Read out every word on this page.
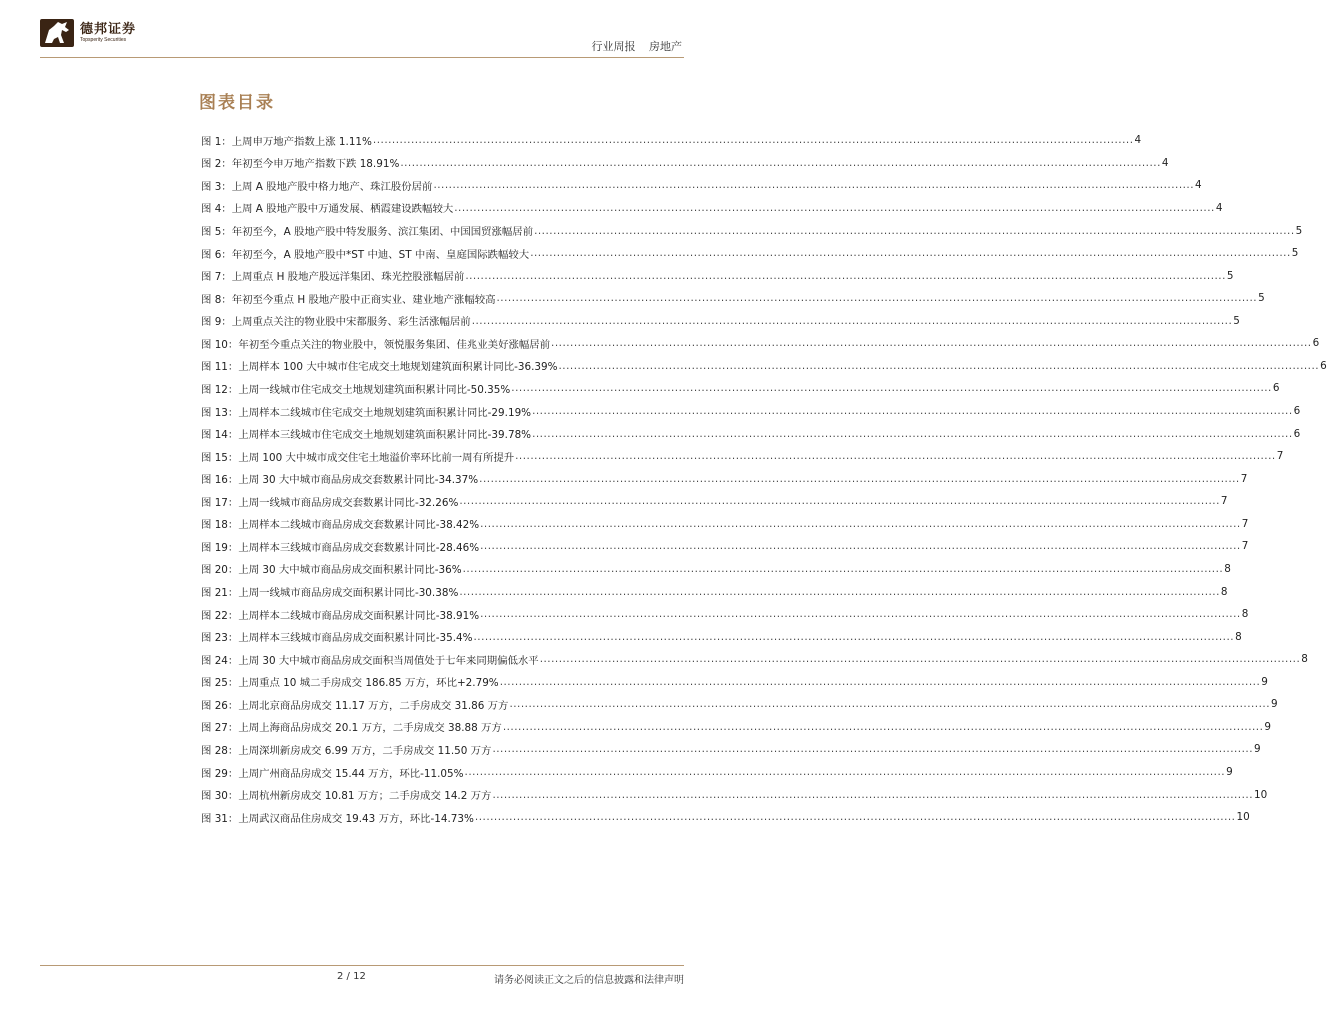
德邦证券
Topsperity Securities	行业周报 房地产
图表目录
图 1： 上周申万地产指数上涨 1.11% ........................................................................................................................................................................................................ 4
图 2： 年初至今申万地产指数下跌 18.91% ........................................................................................................................................................................................................ 4
图 3： 上周 A 股地产股中格力地产、珠江股份居前 ........................................................................................................................................................................................................ 4
图 4： 上周 A 股地产股中万通发展、栖霞建设跌幅较大 ........................................................................................................................................................................................................ 4
图 5： 年初至今，A 股地产股中特发服务、滨江集团、中国国贸涨幅居前 ........................................................................................................................................................................................................ 5
图 6： 年初至今，A 股地产股中*ST 中迪、ST 中南、皇庭国际跌幅较大 ........................................................................................................................................................................................................ 5
图 7： 上周重点 H 股地产股远洋集团、珠光控股涨幅居前 ........................................................................................................................................................................................................ 5
图 8： 年初至今重点 H 股地产股中正商实业、建业地产涨幅较高 ........................................................................................................................................................................................................ 5
图 9： 上周重点关注的物业股中宋都服务、彩生活涨幅居前 ........................................................................................................................................................................................................ 5
图 10： 年初至今重点关注的物业股中，领悦服务集团、佳兆业美好涨幅居前 ........................................................................................................................................................................................................ 6
图 11： 上周样本 100 大中城市住宅成交土地规划建筑面积累计同比-36.39% ........................................................................................................................................................................................................ 6
图 12： 上周一线城市住宅成交土地规划建筑面积累计同比-50.35% ........................................................................................................................................................................................................ 6
图 13： 上周样本二线城市住宅成交土地规划建筑面积累计同比-29.19% ........................................................................................................................................................................................................ 6
图 14： 上周样本三线城市住宅成交土地规划建筑面积累计同比-39.78% ........................................................................................................................................................................................................ 6
图 15： 上周 100 大中城市成交住宅土地溢价率环比前一周有所提升 ........................................................................................................................................................................................................ 7
图 16： 上周 30 大中城市商品房成交套数累计同比-34.37% ........................................................................................................................................................................................................ 7
图 17： 上周一线城市商品房成交套数累计同比-32.26% ........................................................................................................................................................................................................ 7
图 18： 上周样本二线城市商品房成交套数累计同比-38.42% ........................................................................................................................................................................................................ 7
图 19： 上周样本三线城市商品房成交套数累计同比-28.46% ........................................................................................................................................................................................................ 7
图 20： 上周 30 大中城市商品房成交面积累计同比-36% ........................................................................................................................................................................................................ 8
图 21： 上周一线城市商品房成交面积累计同比-30.38% ........................................................................................................................................................................................................ 8
图 22： 上周样本二线城市商品房成交面积累计同比-38.91% ........................................................................................................................................................................................................ 8
图 23： 上周样本三线城市商品房成交面积累计同比-35.4% ........................................................................................................................................................................................................ 8
图 24： 上周 30 大中城市商品房成交面积当周值处于七年来同期偏低水平 ........................................................................................................................................................................................................ 8
图 25： 上周重点 10 城二手房成交 186.85 万方，环比+2.79% ........................................................................................................................................................................................................ 9
图 26： 上周北京商品房成交 11.17 万方，二手房成交 31.86 万方 ........................................................................................................................................................................................................ 9
图 27： 上周上海商品房成交 20.1 万方，二手房成交 38.88 万方 ........................................................................................................................................................................................................ 9
图 28： 上周深圳新房成交 6.99 万方，二手房成交 11.50 万方 ........................................................................................................................................................................................................ 9
图 29： 上周广州商品房成交 15.44 万方，环比-11.05% ........................................................................................................................................................................................................ 9
图 30： 上周杭州新房成交 10.81 万方；二手房成交 14.2 万方 ........................................................................................................................................................................................................ 10
图 31： 上周武汉商品住房成交 19.43 万方，环比-14.73% ........................................................................................................................................................................................................ 10
2 / 12	请务必阅读正文之后的信息披露和法律声明
